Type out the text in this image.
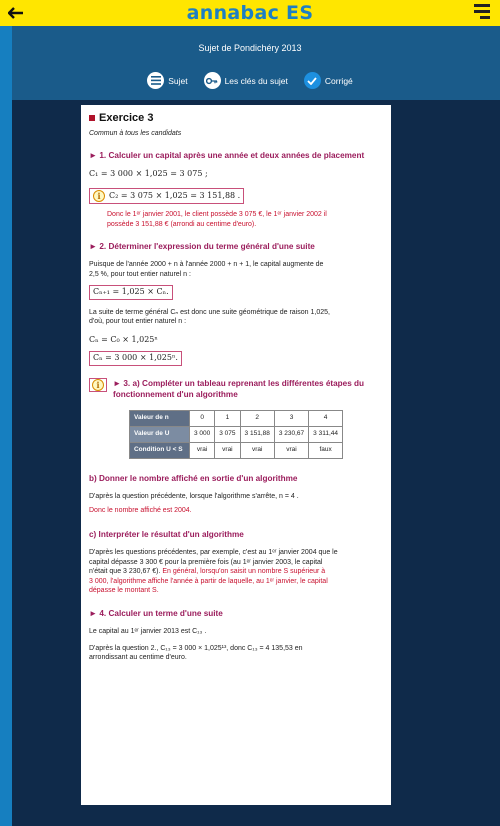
annabac ES
Sujet de Pondichéry 2013
Sujet	Les clés du sujet	Corrigé
Exercice 3
Commun à tous les candidats
► 1. Calculer un capital après une année et deux années de placement
C₁ = 3 000 × 1,025 = 3 075 ;
i	C₂ = 3 075 × 1,025 = 3 151,88 .
Donc le 1ᵉʳ janvier 2001, le client possède 3 075 €, le 1ᵉʳ janvier 2002 il
possède 3 151,88 € (arrondi au centime d'euro).
► 2. Déterminer l'expression du terme général d'une suite
Puisque de l'année 2000 + n à l'année 2000 + n + 1, le capital augmente de
2,5 %, pour tout entier naturel n :
Cₙ₊₁ = 1,025 × Cₙ.
La suite de terme général Cₙ est donc une suite géométrique de raison 1,025,
d'où, pour tout entier naturel n :
Cₙ = C₀ × 1,025ⁿ
Cₙ = 3 000 × 1,025ⁿ.
i	► 3. a) Compléter un tableau reprenant les différentes étapes du fonctionnement d'un algorithme
Valeur de n	0	1	2	3	4
Valeur de U	3 000	3 075	3 151,88	3 230,67	3 311,44
Condition U < S	vrai	vrai	vrai	vrai	faux
b) Donner le nombre affiché en sortie d'un algorithme
D'après la question précédente, lorsque l'algorithme s'arrête, n = 4 .
Donc le nombre affiché est 2004.
c) Interpréter le résultat d'un algorithme
D'après les questions précédentes, par exemple, c'est au 1ᵉʳ janvier 2004 que le
capital dépasse 3 300 € pour la première fois (au 1ᵉʳ janvier 2003, le capital
n'était que 3 230,67 €). En général, lorsqu'on saisit un nombre S supérieur à
3 000, l'algorithme affiche l'année à partir de laquelle, au 1ᵉʳ janvier, le capital
dépasse le montant S.
► 4. Calculer un terme d'une suite
Le capital au 1ᵉʳ janvier 2013 est C₁₃ .
D'après la question 2., C₁₃ = 3 000 × 1,025¹³, donc C₁₃ = 4 135,53 en
arrondissant au centime d'euro.
